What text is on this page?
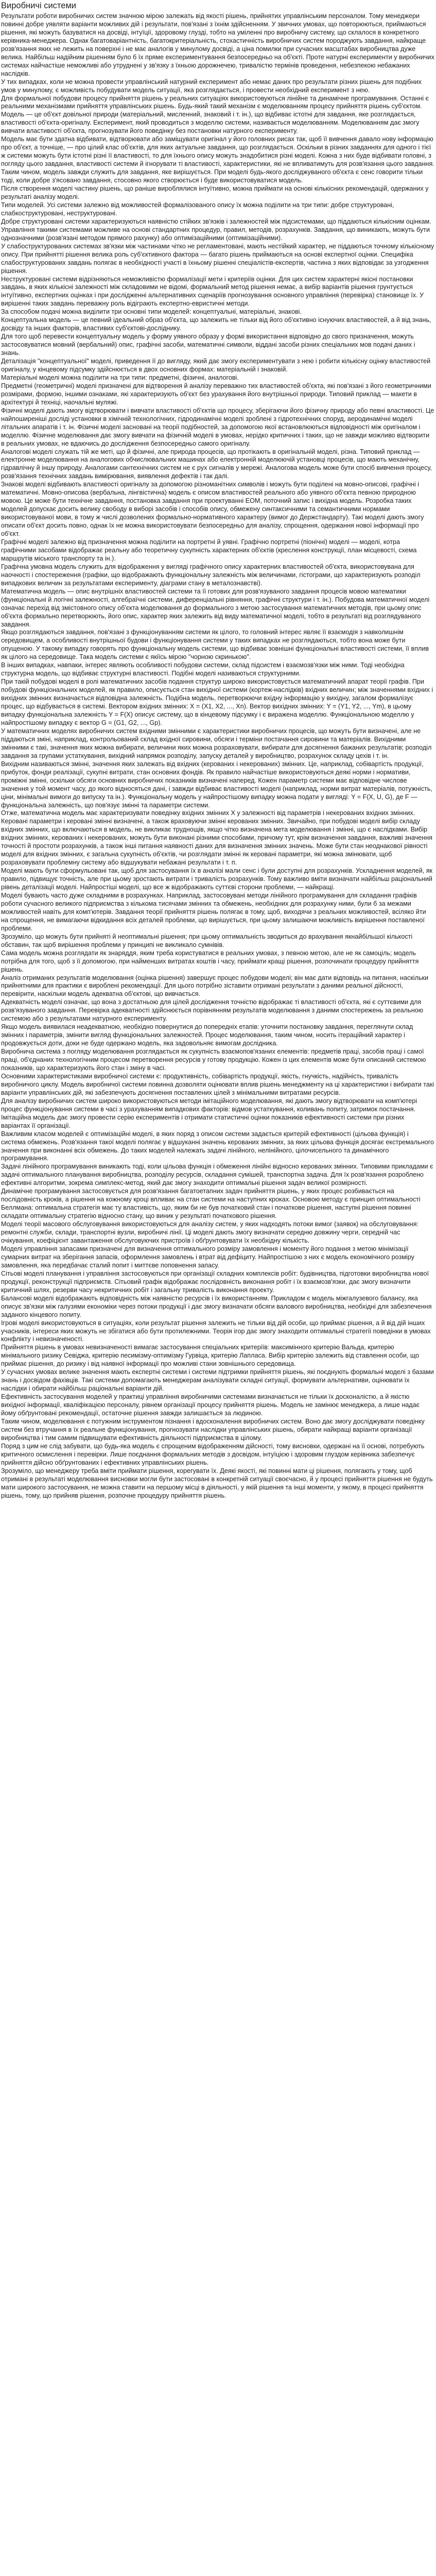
Виробничі системи

Результати роботи виробничих систем значною мірою залежать від якості рішень, прийнятих управлінським персоналом. Тому менеджери повинні добре уявляти варіанти можливих дій і результати, пов'язані з їхнім здійсненням. У звичних умовах, що повторюються, приймаються рішення, які можуть базуватися на досвіді, інтуїції, здоровому глузді, тобто на уміленні про виробничу систему, що склалося в конкретного керівника-менеджера. Однак багатоваріантність, багатокритеріальність, стохастичність виробничих систем породжують завдання, найкраще розв'язання яких не лежить на поверхні і не має аналогів у минулому досвіді, а ціна помилки при сучасних масштабах виробництва дуже велика. Найбільш надійним рішенням було б їх пряме експериментування безпосередньо на об'єкті. Проте натурні експерименти у виробничих системах найчастіше неможливі або утруднені у зв'язку з їхньою дорожнечею, тривалістю термінів проведення, небезпекою небажаних наслідків.

У тих випадках, коли не можна провести управлінський натурний експеримент або немає даних про результати різних рішень для подібних умов у минулому, є можливість побудувати модель ситуації, яка розглядається, і провести необхідний експеримент з нею.

Для формальної побудови процесу прийняття рішень у реальних ситуаціях використовуються лінійне та динамічне програмування. Останні є реальними механізмами прийняття управлінських рішень. Будь-який такий механізм є моделюванням процесу прийняття рішень суб'єктом.

Модель — це об'єкт довільної природи (матеріальний, мисленний, знаковий і т. ін.), що відбиває істотні для завдання, яке розглядається, властивості об'єкта-оригіналу. Експеримент, який проводиться з моделлю системи, називається моделюванням. Моделюванням дає змогу вивчати властивості об'єкта, прогнозувати його поведінку без постановки натурного експерименту.

Модель має бути здатна відбивати, відтворювати або заміщувати оригінал у його головних рисах так, щоб її вивчення давало нову інформацію про об'єкт, а точніше, — про цілий клас об'єктів, для яких актуальне завдання, що розглядається. Оскільки в різних завданнях для одного і тієї ж системи можуть бути істотні різні її властивості, то для їхнього опису можуть знадобитися різні моделі. Кожна з них буде відбивати головні, з погляду цього завдання, властивості системи й ігнорувати ті властивості, характеристики, які не впливатимуть для розв'язання цього завдання. Таким чином, модель завжди служить для завдання, яке вирішується. При моделі будь-якого досліджуваного об'єкта є сенс говорити тільки тоді, коли добре з'ясовано завдання, стосовно якого створюється і буде використовуватися модель.

Після створення моделі частину рішень, що раніше вироблялися інтуїтивно, можна приймати на основі кількісних рекомендацій, одержаних у результаті аналізу моделі.

Типи моделей. Усі системи залежно від можливостей формалізованого опису їх можна поділити на три типи: добре структуровані, слабкоструктуровані, неструктуровані.

Добре структуровані системи характеризуються наявністю стійких зв'язків і залежностей між підсистемами, що піддаються кількісним оцінкам. Управління такими системами можливе на основі стандартних процедур, правил, методів, розрахунків. Завдання, що виникають, можуть бути однозначними (розв'язані методом прямого рахунку) або оптимізаційними (оптимізаційними).

У слабоструктурованих системах зв'язки між частинами чітко не регламентовані, мають нестійкий характер, не піддаються точному кількісному опису. При прийнятті рішення велика роль суб'єктивного фактора — багато рішень приймаються на основі експертної оцінки. Специфіка слабоструктурованих завдань полягає в необхідності участі в їхньому рішенні спеціалістів-експертів, частина з яких відповідає за узгодження рішення.

Неструктуровані системи відрізняються неможливістю формалізації мети і критеріїв оцінки. Для цих систем характерні якісні постановки завдань, в яких кількісні залежності між складовими не відомі, формальний метод рішення немає, а вибір варіантів рішення грунтується інтуїтивно, експертних оцінках і при дослідженні альтернативних сценаріїв прогнозування основного управління (перевірка) становище їх. У вирішенні таких завдань переважну роль відіграють експертно-евристичні методи.

За способом подачі можна виділити три основні типи моделей: концептуальні, матеріальні, знакові.

Концептуальна модель — це певний ідеальний образ об'єкта, що залежить не тільки від його об'єктивно існуючих властивостей, а й від знань, досвіду та інших факторів, властивих суб'єктові-досліднику.

Для того щоб перевести концептуальну модель у форму уявного образу у формі використання відповідно до свого призначення, можуть застосовуватися мовний (вербальний) опис, графічні засоби, математичні символи, віддані засоби різних спеціальних мов подачі даних і знань.

Деталізація "концептуальної" моделі, приведення її до вигляду, який дає змогу експериментувати з нею і робити кількісну оцінку властивостей оригіналу, у кінцевому підсумку здійснюється в двох основних формах: матеріальній і знаковій.

Матеріальні моделі можна поділити на три типи: предметні, фізичні, аналогові.

Предметні (геометричні) моделі призначені для відтворення й аналізу переважно тих властивостей об'єкта, які пов'язані з його геометричними розмірами, формою, іншими ознаками, які характеризують об'єкт без урахування його внутрішньої природи. Типовий приклад — макети в архітектурі й техніці, наочальні муляжі.

Фізичні моделі дають змогу відтворювати і вивчати властивості об'єктів що процесу, зберігаючи його фізичну природу або певні властивості. Це найпоширеніші досліді установки в хімічній технологічних, гідродинамічні моделі зроблені з гідротехнічних споруд, аеродинамічні моделі літальних апаратів і т. ін. Фізичні моделі засновані на теорії подібностей, за допомогою якої встановлюються відповідності між оригіналом і моделлю. Фізичне моделювання дає змогу вивчати на фізичній моделі в умовах, нерідко критичних і таких, що не завжди можливо відтворити в реальних умовах, не вдаючись до дослідження безпосередньо самого оригіналу.

Аналогові моделі служать тій же меті, що й фізичні, але природа процесів, що протікають в оригінальній моделі, різна. Типовий приклад — електронне моделювання на аналогових обчислювальних машинах або електронній моделюючій установці процесів, що мають механічну, гідравлічну й іншу природу. Аналогами сантехнічних систем не є рух сигналів у мережі. Аналогова модель може бути спосіб вивчення процесу, розв'язання технічних завдань вимірювання, виявлення дефектів і так далі.

Знакові моделі відбивають властивості оригіналу за допомогою різноманітних символів і можуть бути поділені на мовно-описові, графічні і математичні. Мовно-описова (вербальна, лінгвістична) модель є описом властивостей реального або уявного об'єкта певною природною мовою. Це може бути технічне завдання, постановка завдання при проектуванні ЕОМ, поточний запис і вихідна модель. Розробка таких моделей допускає досить велику свободу в виборі засобів і способів опису, обмежену синтаксичними та семантичними нормами використовуваної мови, в тому ж числі дозволених формально-нормативного характеру (вимог до Держстандарту). Такі моделі дають змогу описати об'єкт досить повно, однак їх не можна використовувати безпосередньо для аналізу, спрощення, одержання нової інформації про об'єкт.

Графічні моделі залежно від призначення можна поділити на портретні й уявні. Графічно портретні (піонічні) моделі — моделі, котра графічними засобами відображає реальну або теоретичну сукупність характерних об'єктів (креслення конструкції, план місцевості, схема маршрутів міського транспорту та ін.).

Графічна умовна модель служить для відображення у вигляді графічного опису характерних властивостей об'єкта, використовувана для наочності і спостереження (графіки, що відображають функціональну залежність між величинами, гістограми, що характеризують розподіл випадкових величин за результатами експерименту, діаграми стану в металознавстві).

Математична модель — опис внутрішніх властивостей системи та її готових для розв'язуваного завдання процесів мовою математики (функціональні й логічні залежності, алгебраїчні системи, диференціальні рівняння, графічні структури і т. ін.). Побудова математичної моделі означає перехід від змістовного опису об'єкта моделювання до формального з метою застосування математичних методів, при цьому опис об'єкта формально перетворюють, його опис, характер яких залежить від виду математичної моделі, тобто в результаті від розглядуваного завдання.

Якщо розглядаються завдання, пов'язані з функціонуванням системи як цілого, то головний інтерес являє її взаємодія з навколишнім середовищем, а особливості внутрішньої будови і функціонування системи у таких випадках не розглядаються, тобто вона може бути опущеною. У такому випадку говорять про функціональну модель системи, що відбиває зовнішні функціональні властивості системи, її вплив як цілого на середовище. Така модель системи є якіїсь мірою "чорною скринькою".

В інших випадках, навпаки, інтерес являють особливості побудови системи, склад підсистем і взаємозв'язки між ними. Тоді необхідна структурна модель, що відбиває структурні властивості. Подібні моделі називаються структурними.

При такій побудові моделі в ролі математичних засобів подання структур широко використовується математичний апарат теорії графів. При побудові функціональних моделей, як правило, описується стан вихідної системи (кортеж-наслідків) вхідних величин; між значеннями вхідних і вихідних змінних визначається відповідна залежність. Подібна модель, перетворюючи вхідну інформацію у вихідну, загалом формалізує процес, що відбувається в системі. Вектором вхідних змінних: X = (X1, X2, ..., Xn). Вектор вихідних змінних: Y = (Y1, Y2, ..., Ym), в цьому випадку функціональна залежність Y = F(X) описує систему, що в кінцевому підсумку і є виражена моделлю. Функціональною моделлю у найпростішому випадку є вектор G = (G1, G2, ..., Gp).

У математичних моделях виробничих систем вхідними змінними є характеристики виробничих процесів, що можуть бути визначені, але не піддаються зміні, наприклад, контрольований склад вхідної сировини, обсяги і терміни постачання сировини та матеріалів. Вихідними змінними є такі, значення яких можна вибирати, величини яких можна розраховувати, вибирати для досягнення бажаних результатів; розподіл завдання за групами устаткування, вихідний напрямок розподілу, запуску деталей у виробництво, розрахунок складу цехів і т. ін.

Вихідним називаються змінні, значення яких залежать від вхідних (керованих і некерованих) змінних. Це, наприклад, собівартість продукції, прибуток, фонди реалізації, сукупні витрати, стан основних фондів. Як правило найчастіше використовуються деякі норми і нормативи, проміжні змінні, оскільки обсяги основних виробничих показників визначені наперед. Кожен параметр системи має відповідне числове значення у той момент часу, до якого відносяться дані, і завжди відбиває властивості моделі (наприклад, норми витрат матеріалів, потужність, ціни, мінімальні вимоги до випуску та ін.). Функціональну модель у найпростішому випадку можна подати у вигляді: Y = F(X, U, G), де F — функціональна залежність, що пов'язує змінні та параметри системи.

Отже, математична модель має характеризувати поведінку вхідних змінних Х у залежності від параметрів і некерованих вхідних змінних. Керовані параметри і керовані змінні визначені, а також враховуючи змінні керованих змінних. Звичайно, при побудові моделі вибір складу вхідних змінних, що включаються в модель, не викликає труднощів, якщо чітко визначена мета моделювання і змінні, що є наслідками. Вибір вхідних змінних, керованих і некерованих, можуть бути виконані різними способами, причому тут, крім визначення завдання, важливі значення точності й простоти розрахунків, а також інші питання наявності даних для визначення змінних значень. Може бути стан неоднакової рівності моделі для вхідних змінних, є загальна сукупність об'єктів, чи розглядати змінні як керовані параметри, які можна змінювати, щоб розраховувати проблемну систему або відшукувати небажані результати і т. п.

Моделі мають бути сформульовані так, щоб для застосування їх в аналізі мали сенс і були доступні для розрахунків. Ускладнення моделей, як правило, підвищує точність, але при цьому зростають витрати і тривалість розрахунків. Тому важливо вміти визначати найбільш раціональний рівень деталізації моделі. Найпростіші моделі, що все ж відображають суттєві сторони проблеми, — найкращі.

Моделі бувають часто дуже складними в розрахунках. Наприклад, застосовувані методи лінійного програмування для складання графіків роботи сучасного великого підприємства з кількома тисячами змінних та обмежень, необхідних для розрахунку ними, були б за межами можливостей навіть для комп'ютерів. Завдання теорії прийняття рішень полягає в тому, щоб, виходячи з реальних можливостей, всіляко йти на спрощення, не вимагаючи відкидання всіх деталей проблеми, що вирішується, при цьому залишаючи можливість вирішення поставленої проблеми.

Зрозуміло, що можуть бути прийняті й неоптимальні рішення; при цьому оптимальність зводиться до врахування якнайбільшої кількості обставин, так щоб вирішення проблеми у принципі не викликало сумнівів.

Сама модель можна розглядати як знаряддя, яким треба користуватися в реальних умовах, з певною метою, але не як самоціль; модель потрібна для того, щоб з її допомогою, при найменших витратах коштів і часу, приймати кращі рішення, розпочинати процедуру прийняття рішень.

Аналіз отриманих результатів моделювання (оцінка рішення) завершує процес побудови моделі; він має дати відповідь на питання, наскільки прийнятними для практики є вироблені рекомендації. Для цього потрібно зіставити отримані результати з даними реальної дійсності, перевірити, наскільки модель адекватна об'єктові, що вивчається.

Адекватність моделі означає, що вона з достатньою для цілей дослідження точністю відображає ті властивості об'єкта, які є суттєвими для розв'язуваного завдання. Перевірка адекватності здійснюється порівнянням результатів моделювання з даними спостережень за реальною системою або з результатами натурного експерименту.

Якщо модель виявилася неадекватною, необхідно повернутися до попередніх етапів: уточнити постановку завдання, переглянути склад змінних і параметрів, змінити вигляд функціональних залежностей. Процес моделювання, таким чином, носить ітераційний характер і продовжується доти, доки не буде одержано модель, яка задовольняє вимогам дослідника.

Виробнича система з погляду моделювання розглядається як сукупність взаємопов'язаних елементів: предметів праці, засобів праці і самої праці, об'єднаних технологічним процесом перетворення ресурсів у готову продукцію. Кожен із цих елементів може бути описаний системою показників, що характеризують його стан і зміну в часі.

Основними характеристиками виробничої системи є: продуктивність, собівартість продукції, якість, гнучкість, надійність, тривалість виробничого циклу. Модель виробничої системи повинна дозволяти оцінювати вплив рішень менеджменту на ці характеристики і вибирати такі варіанти управлінських дій, які забезпечують досягнення поставлених цілей з мінімальними витратами ресурсів.

Для аналізу виробничих систем широко використовуються методи імітаційного моделювання, які дають змогу відтворювати на комп'ютері процес функціонування системи в часі з урахуванням випадкових факторів: відмов устаткування, коливань попиту, затримок постачання. Імітаційна модель дає змогу провести серію експериментів і отримати статистичні оцінки показників ефективності системи при різних варіантах її організації.

Важливим класом моделей є оптимізаційні моделі, в яких поряд з описом системи задається критерій ефективності (цільова функція) і система обмежень. Розв'язання такої моделі полягає у відшуканні значень керованих змінних, за яких цільова функція досягає екстремального значення при виконанні всіх обмежень. До таких моделей належать задачі лінійного, нелінійного, цілочисельного та динамічного програмування.

Задачі лінійного програмування виникають тоді, коли цільова функція і обмеження лінійні відносно керованих змінних. Типовими прикладами є задачі оптимального планування виробництва, розподілу ресурсів, складання сумішей, транспортна задача. Для їх розв'язання розроблено ефективні алгоритми, зокрема симплекс-метод, який дає змогу знаходити оптимальні рішення задач великої розмірності.

Динамічне програмування застосовується для розв'язання багатоетапних задач прийняття рішень, у яких процес розбивається на послідовність кроків, а рішення на кожному кроці впливає на стан системи на наступних кроках. Основою методу є принцип оптимальності Беллмана: оптимальна стратегія має ту властивість, що, яким би не був початковий стан і початкове рішення, наступні рішення повинні складати оптимальну стратегію відносно стану, що виник у результаті початкового рішення.

Моделі теорії масового обслуговування використовуються для аналізу систем, у яких надходять потоки вимог (заявок) на обслуговування: ремонтні служби, склади, транспортні вузли, виробничі лінії. Ці моделі дають змогу визначати середню довжину черги, середній час очікування, коефіцієнт завантаження обслуговуючих пристроїв і обґрунтовувати їх необхідну кількість.

Моделі управління запасами призначені для визначення оптимального розміру замовлення і моменту його подання з метою мінімізації сумарних витрат на зберігання запасів, оформлення замовлень і втрат від дефіциту. Найпростішою з них є модель економічного розміру замовлення, яка передбачає сталий попит і миттєве поповнення запасу.

Сітьові моделі планування і управління застосовуються при організації складних комплексів робіт: будівництва, підготовки виробництва нової продукції, реконструкції підприємств. Сітьовий графік відображає послідовність виконання робіт і їх взаємозв'язки, дає змогу визначити критичний шлях, резерви часу некритичних робіт і загальну тривалість виконання проекту.

Балансові моделі відображають відповідність між наявністю ресурсів і їх використанням. Прикладом є модель міжгалузевого балансу, яка описує зв'язки між галузями економіки через потоки продукції і дає змогу визначати обсяги валового виробництва, необхідні для забезпечення заданого кінцевого попиту.

Ігрові моделі використовуються в ситуаціях, коли результат рішення залежить не тільки від дій особи, що приймає рішення, а й від дій інших учасників, інтереси яких можуть не збігатися або бути протилежними. Теорія ігор дає змогу знаходити оптимальні стратегії поведінки в умовах конфлікту і невизначеності.

Прийняття рішень в умовах невизначеності вимагає застосування спеціальних критеріїв: максимінного критерію Вальда, критерію мінімального ризику Севіджа, критерію песимізму-оптимізму Гурвіца, критерію Лапласа. Вибір критерію залежить від ставлення особи, що приймає рішення, до ризику і від наявної інформації про можливі стани зовнішнього середовища.

У сучасних умовах велике значення мають експертні системи і системи підтримки прийняття рішень, які поєднують формальні моделі з базами знань і досвідом фахівців. Такі системи допомагають менеджерам аналізувати складні ситуації, формувати альтернативи, оцінювати їх наслідки і обирати найбільш раціональні варіанти дій.

Ефективність застосування моделей у практиці управління виробничими системами визначається не тільки їх досконалістю, а й якістю вихідної інформації, кваліфікацією персоналу, рівнем організації процесу прийняття рішень. Модель не замінює менеджера, а лише надає йому обґрунтовані рекомендації, остаточне рішення завжди залишається за людиною.

Таким чином, моделювання є потужним інструментом пізнання і вдосконалення виробничих систем. Воно дає змогу досліджувати поведінку систем без втручання в їх реальне функціонування, прогнозувати наслідки управлінських рішень, обирати найкращі варіанти організації виробництва і тим самим підвищувати ефективність діяльності підприємства в цілому.

Поряд з цим не слід забувати, що будь-яка модель є спрощеним відображенням дійсності, тому висновки, одержані на її основі, потребують критичного осмислення і перевірки. Лише поєднання формальних методів з досвідом, інтуїцією і здоровим глуздом керівника забезпечує прийняття дійсно обґрунтованих і ефективних управлінських рішень.

Зрозуміло, що менеджеру треба вміти приймати рішення, корегувати їх. Деякі якості, які повинні мати ці рішення, полягають у тому, щоб отримані в результаті моделювання висновки могли бути застосовані в конкретній ситуації своєчасно, й у процесі прийняття рішення не будуть мати широкого застосування, не можна ставити на першому місці в діяльності, у якій рішення та інші моменти, у якому, в процесі прийняття рішень, тому, що прийняв рішення, розпочне процедуру прийняття рішень.
